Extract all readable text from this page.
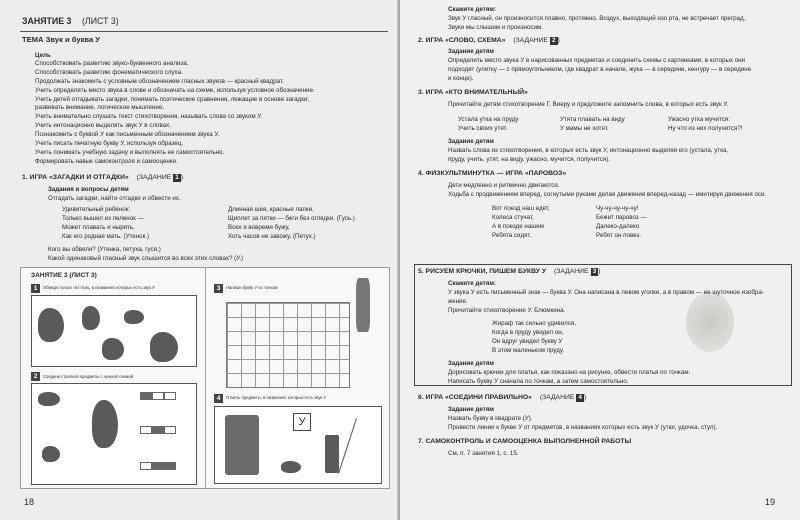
ЗАНЯТИЕ 3 (ЛИСТ 3)
ТЕМА Звук и буква У
Цель
Способствовать развитию звуко-буквенного анализа.
Способствовать развитию фонематического слуха.
Продолжать знакомить с условным обозначением гласных звуков — красный квадрат.
Учить определять место звука в слове и обозначать на схеме, используя условное обозначение.
Учить детей отгадывать загадки, понимать поэтические сравнения, лежащие в основе загадки;
развивать внимание, логическое мышление.
Учить внимательно слушать текст стихотворения, называть слова со звуком У.
Учить интонационно выделять звук У в словах.
Познакомить с буквой У как письменным обозначением звука У.
Учить писать печатную букву У, используя образец.
Учить понимать учебную задачу и выполнять ее самостоятельно.
Формировать навык самоконтроля и самооценки.
1. ИГРА «ЗАГАДКИ И ОТГАДКИ» (ЗАДАНИЕ 1 )
Задания и вопросы детям
Отгадать загадки, найти отгадки и обвести их.
Удивительный ребенок:
Только вышел из пеленок —
Может плавать и нырять,
Как его родная мать. (Утенок.)
Длинная шея, красные лапки,
Щиплет за пятки — беги без оглядки. (Гусь.)
Всех я вовремя бужу,
Хоть часов не завожу. (Петух.)
Кого вы обвели? (Утенка, петуха, гуся.)
Какой одинаковый гласный звук слышится во всех этих словах? (У.)
ЗАНЯТИЕ 3 (ЛИСТ 3)
1	Обведи только тех птиц, в названиях которых есть звук У
2	Соедини стрелкой предметы с нужной схемой
3	Напиши букву У по точкам
4	Отметь предметы, в названиях которых есть звук У
У
18
Скажите детям:
Звук У гласный, он произносится плавно, протяжно. Воздух, выходящий изо рта, не встречает преград.
Звуки мы слышим и произносим.
2. ИГРА «СЛОВО, СХЕМА» (ЗАДАНИЕ 2 )
Задание детям
Определить место звука У в нарисованных предметах и соединить схемы с картинками, в которых они
подходят (улитку — с прямоугольником, где квадрат в начале, жука — в середине, кенгуру — в середине
и конце).
3. ИГРА «КТО ВНИМАТЕЛЬНЫЙ»
Прочитайте детям стихотворение Г. Виеру и предложите запомнить слова, в которых есть звук У.
Устала утка на пруду
Учить своих утят.
Утята плавать на виду
У мамы не хотят.
Ужасно утка мучится:
Ну что из них получится?!
Задание детям
Назвать слова из стихотворения, в которых есть звук У, интонационно выделяя его (устала, утка,
пруду, учить, утят, на виду, ужасно, мучится, получится).
4. ФИЗКУЛЬТМИНУТКА — ИГРА «ПАРОВОЗ»
Дети медленно и ритмично двигаются.
Ходьба с продвижением вперед, согнутыми руками делая движения вперед-назад — имитируя движения оси.
Вот поезд наш едет,
Колеса стучат,
А в поезде нашем
Ребята сидят.
Чу-чу-чу-чу-чу!
Бежит паровоз —
Далеко-далеко
Ребят он повез.
5. РИСУЕМ КРЮЧКИ, ПИШЕМ БУКВУ У (ЗАДАНИЕ 3 )
Скажите детям:
У звука У есть письменный знак — буква У. Она написана в левом уголке, а в правом — ее шуточное изобра-
жение.
Прочитайте стихотворение У. Блюмкина.
Жираф так сильно удивился,
Когда в пруду увидел он,
Он вдруг увидел букву У
В этом маленьком пруду.
Задание детям
Дорисовать крючки для платья, как показано на рисунке, обвести платья по точкам.
Написать букву У сначала по точкам, а затем самостоятельно.
6. ИГРА «СОЕДИНИ ПРАВИЛЬНО» (ЗАДАНИЕ 4 )
Задание детям
Назвать букву в квадрате (У).
Провести линии к букве У от предметов, в названиях которых есть звук У (утюг, удочка, стул).
7. САМОКОНТРОЛЬ И САМООЦЕНКА ВЫПОЛНЕННОЙ РАБОТЫ
См. п. 7 занятия 1, с. 15.
19
